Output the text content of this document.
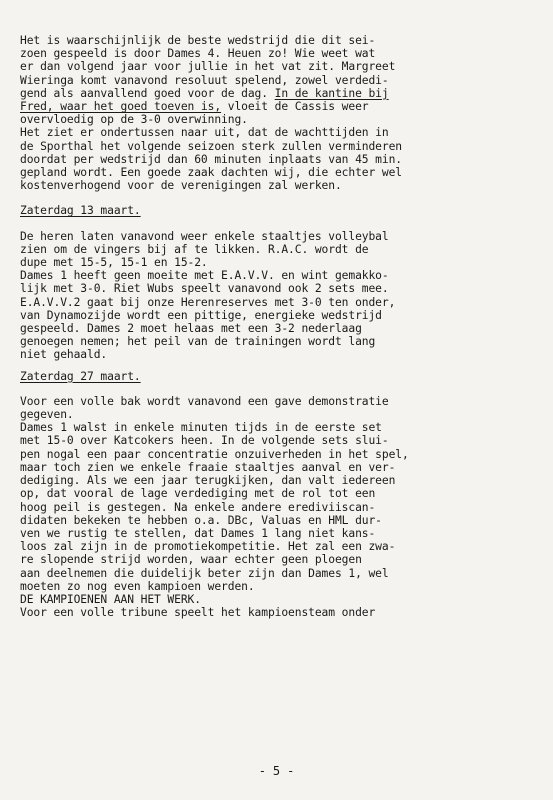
Het is waarschijnlijk de beste wedstrijd die dit sei-
zoen gespeeld is door Dames 4. Heuen zo! Wie weet wat
er dan volgend jaar voor jullie in het vat zit. Margreet
Wieringa komt vanavond resoluut spelend, zowel verdedi-
gend als aanvallend goed voor de dag. In de kantine bij
Fred, waar het goed toeven is, vloeit de Cassis weer
overvloedig op de 3-0 overwinning.
Het ziet er ondertussen naar uit, dat de wachttijden in
de Sporthal het volgende seizoen sterk zullen verminderen
doordat per wedstrijd dan 60 minuten inplaats van 45 min.
gepland wordt. Een goede zaak dachten wij, die echter wel
kostenverhogend voor de verenigingen zal werken.
Zaterdag 13 maart.
De heren laten vanavond weer enkele staaltjes volleybal
zien om de vingers bij af te likken. R.A.C. wordt de
dupe met 15-5, 15-1 en 15-2.
Dames 1 heeft geen moeite met E.A.V.V. en wint gemakko-
lijk met 3-0. Riet Wubs speelt vanavond ook 2 sets mee.
E.A.V.V.2 gaat bij onze Herenreserves met 3-0 ten onder,
van Dynamozijde wordt een pittige, energieke wedstrijd
gespeeld. Dames 2 moet helaas met een 3-2 nederlaag
genoegen nemen; het peil van de trainingen wordt lang
niet gehaald.
Zaterdag 27 maart.
Voor een volle bak wordt vanavond een gave demonstratie
gegeven.
Dames 1 walst in enkele minuten tijds in de eerste set
met 15-0 over Katcokers heen. In de volgende sets slui-
pen nogal een paar concentratie onzuiverheden in het spel,
maar toch zien we enkele fraaie staaltjes aanval en ver-
dediging. Als we een jaar terugkijken, dan valt iedereen
op, dat vooral de lage verdediging met de rol tot een
hoog peil is gestegen. Na enkele andere erediviiscan-
didaten bekeken te hebben o.a. DBc, Valuas en HML dur-
ven we rustig te stellen, dat Dames 1 lang niet kans-
loos zal zijn in de promotiekompetitie. Het zal een zwa-
re slopende strijd worden, waar echter geen ploegen
aan deelnemen die duidelijk beter zijn dan Dames 1, wel
moeten zo nog even kampioen werden.
DE KAMPIOENEN AAN HET WERK.
Voor een volle tribune speelt het kampioensteam onder
- 5 -
